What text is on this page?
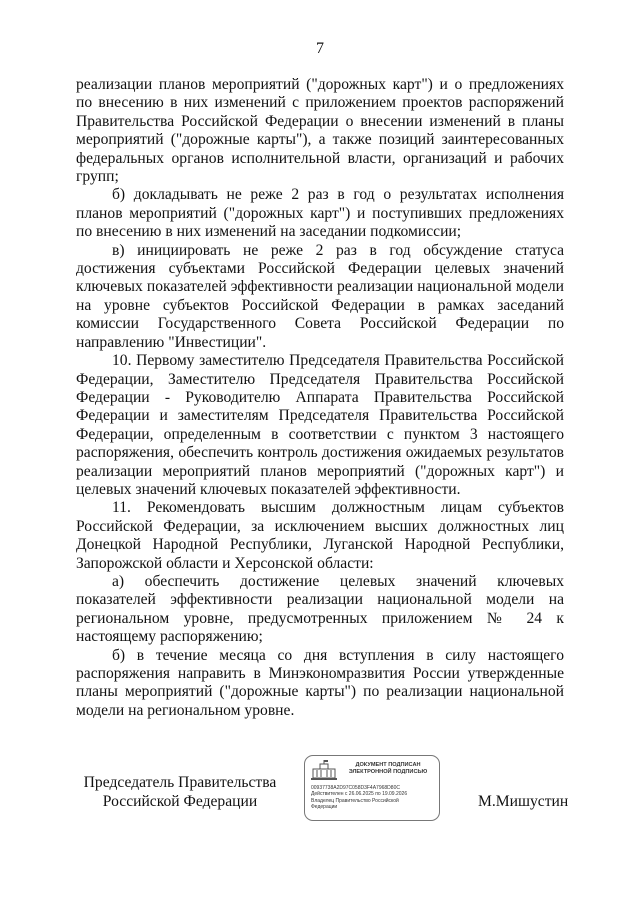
7

реализации планов мероприятий ("дорожных карт") и о предложениях по внесению в них изменений с приложением проектов распоряжений Правительства Российской Федерации о внесении изменений в планы мероприятий ("дорожные карты"), а также позиций заинтересованных федеральных органов исполнительной власти, организаций и рабочих групп;

б) докладывать не реже 2 раз в год о результатах исполнения планов мероприятий ("дорожных карт") и поступивших предложениях по внесению в них изменений на заседании подкомиссии;

в) инициировать не реже 2 раз в год обсуждение статуса достижения субъектами Российской Федерации целевых значений ключевых показателей эффективности реализации национальной модели на уровне субъектов Российской Федерации в рамках заседаний комиссии Государственного Совета Российской Федерации по направлению "Инвестиции".

10. Первому заместителю Председателя Правительства Российской Федерации, Заместителю Председателя Правительства Российской Федерации - Руководителю Аппарата Правительства Российской Федерации и заместителям Председателя Правительства Российской Федерации, определенным в соответствии с пунктом 3 настоящего распоряжения, обеспечить контроль достижения ожидаемых результатов реализации мероприятий планов мероприятий ("дорожных карт") и целевых значений ключевых показателей эффективности.

11. Рекомендовать высшим должностным лицам субъектов Российской Федерации, за исключением высших должностных лиц Донецкой Народной Республики, Луганской Народной Республики, Запорожской области и Херсонской области:

а) обеспечить достижение целевых значений ключевых показателей эффективности реализации национальной модели на региональном уровне, предусмотренных приложением № 24 к настоящему распоряжению;

б) в течение месяца со дня вступления в силу настоящего распоряжения направить в Минэкономразвития России утвержденные планы мероприятий ("дорожные карты") по реализации национальной модели на региональном уровне.

Председатель Правительства
Российской Федерации
ДОКУМЕНТ ПОДПИСАН
ЭЛЕКТРОННОЙ ПОДПИСЬЮ
00937738A2D97C058D3F4A7968D80C
Действителен с 26.06.2025 по 19.09.2026
Владелец Правительство Российской
Федерации	М.Мишустин
